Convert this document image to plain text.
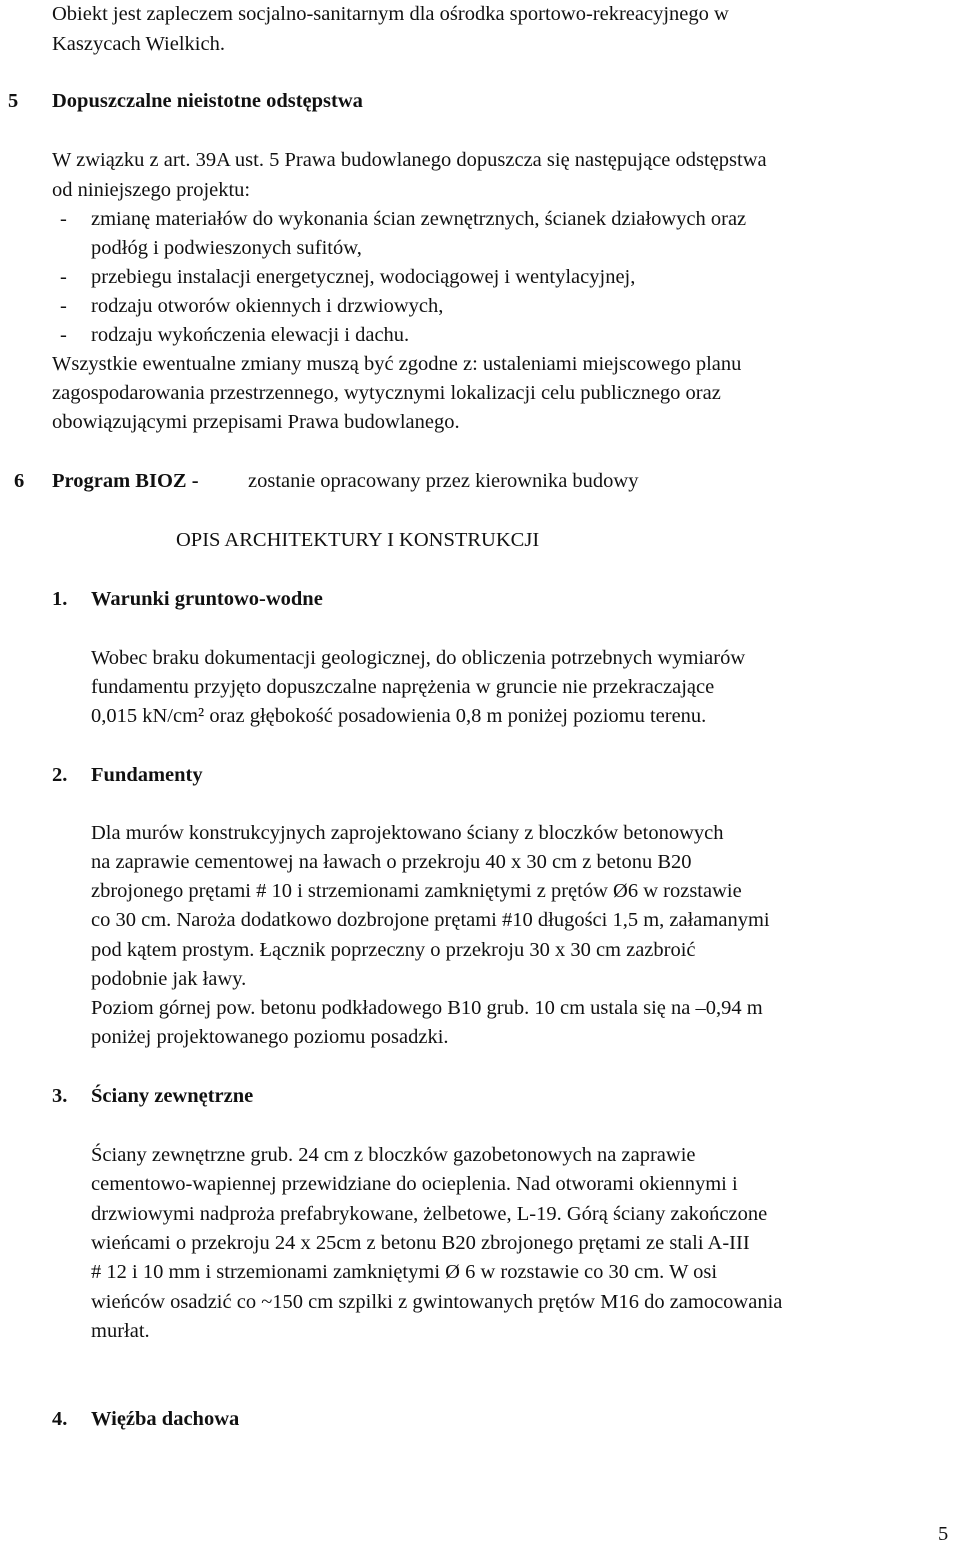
Obiekt jest zapleczem socjalno-sanitarnym dla ośrodka sportowo-rekreacyjnego w
Kaszycach Wielkich.
5 Dopuszczalne nieistotne odstępstwa
W związku z art. 39A ust. 5 Prawa budowlanego dopuszcza się następujące odstępstwa
od niniejszego projektu:
- zmianę materiałów do wykonania ścian zewnętrznych, ścianek działowych oraz
podłóg i podwieszonych sufitów,
- przebiegu instalacji energetycznej, wodociągowej i wentylacyjnej,
- rodzaju otworów okiennych i drzwiowych,
- rodzaju wykończenia elewacji i dachu.
Wszystkie ewentualne zmiany muszą być zgodne z: ustaleniami miejscowego planu
zagospodarowania przestrzennego, wytycznymi lokalizacji celu publicznego oraz
obowiązującymi przepisami Prawa budowlanego.
6 Program BIOZ - zostanie opracowany przez kierownika budowy
OPIS ARCHITEKTURY I KONSTRUKCJI
1. Warunki gruntowo-wodne
Wobec braku dokumentacji geologicznej, do obliczenia potrzebnych wymiarów
fundamentu przyjęto dopuszczalne naprężenia w gruncie nie przekraczające
0,015 kN/cm² oraz głębokość posadowienia 0,8 m poniżej poziomu terenu.
2. Fundamenty
Dla murów konstrukcyjnych zaprojektowano ściany z bloczków betonowych
na zaprawie cementowej na ławach o przekroju 40 x 30 cm z betonu B20
zbrojonego prętami # 10 i strzemionami zamkniętymi z prętów Ø6 w rozstawie
co 30 cm. Naroża dodatkowo dozbrojone prętami #10 długości 1,5 m, załamanymi
pod kątem prostym. Łącznik poprzeczny o przekroju 30 x 30 cm zazbroić
podobnie jak ławy.
Poziom górnej pow. betonu podkładowego B10 grub. 10 cm ustala się na –0,94 m
poniżej projektowanego poziomu posadzki.
3. Ściany zewnętrzne
Ściany zewnętrzne grub. 24 cm z bloczków gazobetonowych na zaprawie
cementowo-wapiennej przewidziane do ocieplenia. Nad otworami okiennymi i
drzwiowymi nadproża prefabrykowane, żelbetowe, L-19. Górą ściany zakończone
wieńcami o przekroju 24 x 25cm z betonu B20 zbrojonego prętami ze stali A-III
# 12 i 10 mm i strzemionami zamkniętymi Ø 6 w rozstawie co 30 cm. W osi
wieńców osadzić co ~150 cm szpilki z gwintowanych prętów M16 do zamocowania
murłat.
4. Więźba dachowa
5
